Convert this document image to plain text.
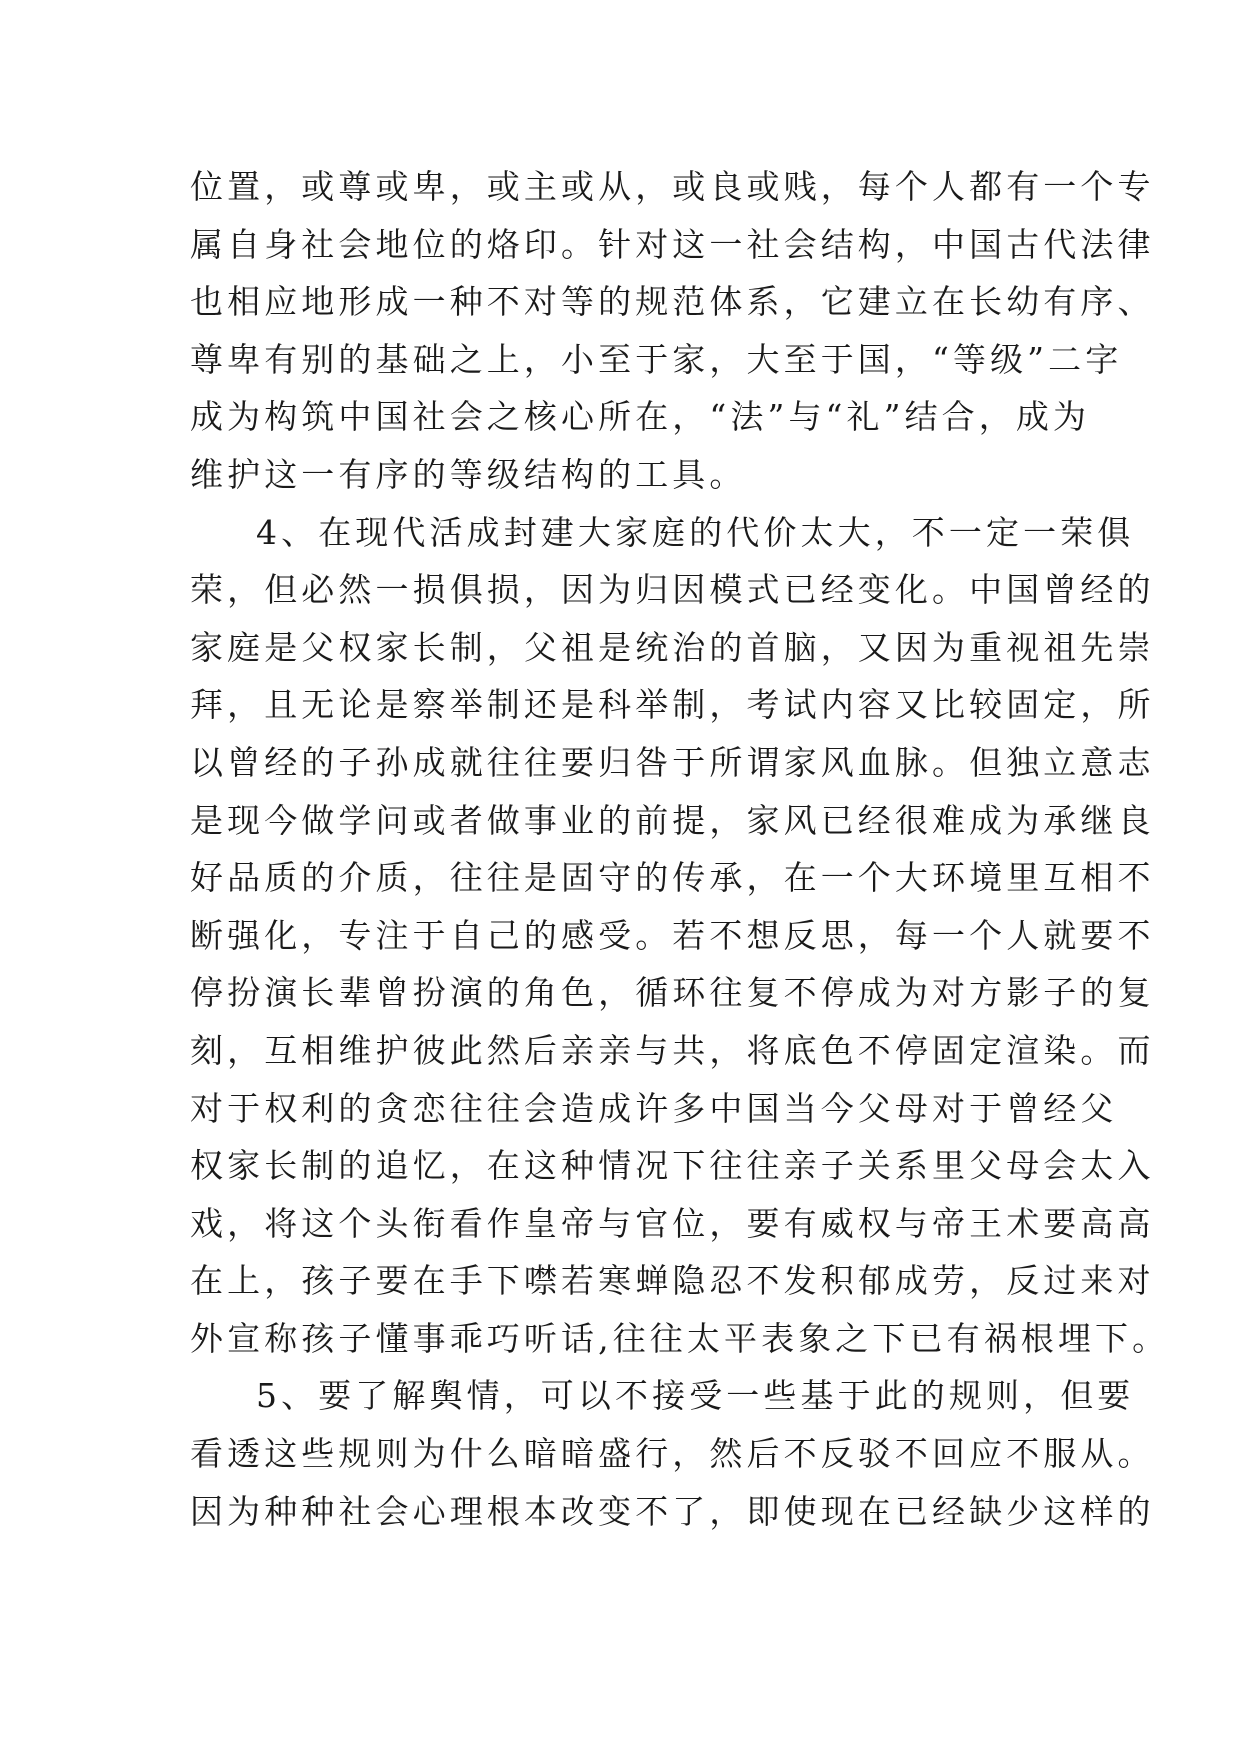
位置，或尊或卑，或主或从，或良或贱，每个人都有一个专
属自身社会地位的烙印。针对这一社会结构，中国古代法律
也相应地形成一种不对等的规范体系，它建立在长幼有序、
尊卑有别的基础之上，小至于家，大至于国，“等级”二字
成为构筑中国社会之核心所在，“法”与“礼”结合，成为
维护这一有序的等级结构的工具。
4、在现代活成封建大家庭的代价太大，不一定一荣俱
荣，但必然一损俱损，因为归因模式已经变化。中国曾经的
家庭是父权家长制，父祖是统治的首脑，又因为重视祖先崇
拜，且无论是察举制还是科举制，考试内容又比较固定，所
以曾经的子孙成就往往要归咎于所谓家风血脉。但独立意志
是现今做学问或者做事业的前提，家风已经很难成为承继良
好品质的介质，往往是固守的传承，在一个大环境里互相不
断强化，专注于自己的感受。若不想反思，每一个人就要不
停扮演长辈曾扮演的角色，循环往复不停成为对方影子的复
刻，互相维护彼此然后亲亲与共，将底色不停固定渲染。而
对于权利的贪恋往往会造成许多中国当今父母对于曾经父
权家长制的追忆，在这种情况下往往亲子关系里父母会太入
戏，将这个头衔看作皇帝与官位，要有威权与帝王术要高高
在上，孩子要在手下噤若寒蝉隐忍不发积郁成劳，反过来对
外宣称孩子懂事乖巧听话,往往太平表象之下已有祸根埋下。
5、要了解舆情，可以不接受一些基于此的规则，但要
看透这些规则为什么暗暗盛行，然后不反驳不回应不服从。
因为种种社会心理根本改变不了，即使现在已经缺少这样的
